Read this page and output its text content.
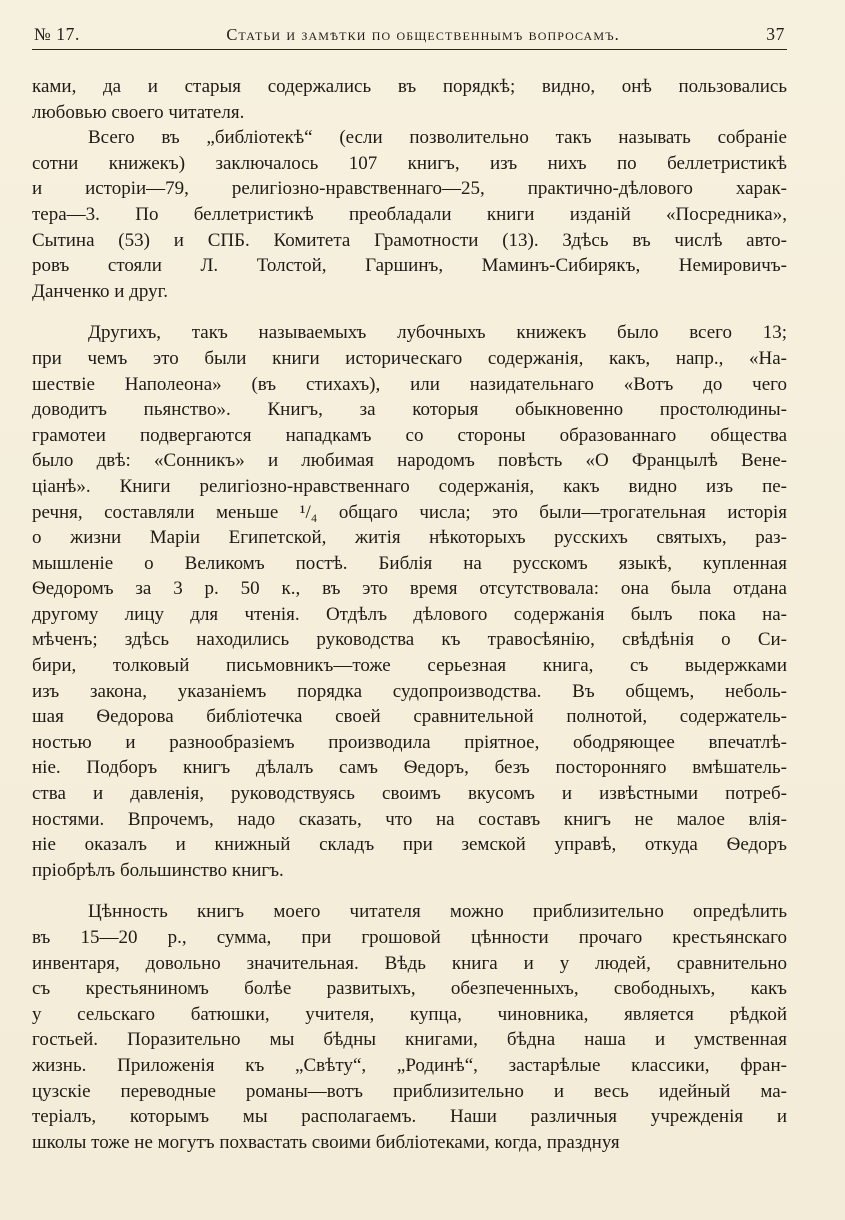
№ 17.	Статьи и замѣтки по общественнымъ вопросамъ.	37
ками, да и старыя содержались въ порядкѣ; видно, онѣ пользовались
любовью своего читателя.
Всего въ „библіотекѣ“ (если позволительно такъ называть собраніе
сотни книжекъ) заключалось 107 книгъ, изъ нихъ по беллетристикѣ
и исторіи—79, религіозно-нравственнаго—25, практично-дѣлового харак-
тера—3. По беллетристикѣ преобладали книги изданій «Посредника»,
Сытина (53) и СПБ. Комитета Грамотности (13). Здѣсь въ числѣ авто-
ровъ стояли Л. Толстой, Гаршинъ, Маминъ-Сибирякъ, Немировичъ-
Данченко и друг.
Другихъ, такъ называемыхъ лубочныхъ книжекъ было всего 13;
при чемъ это были книги историческаго содержанія, какъ, напр., «На-
шествіе Наполеона» (въ стихахъ), или назидательнаго «Вотъ до чего
доводитъ пьянство». Книгъ, за которыя обыкновенно простолюдины-
грамотеи подвергаются нападкамъ со стороны образованнаго общества
было двѣ: «Сонникъ» и любимая народомъ повѣсть «О Францылѣ Вене-
ціанѣ». Книги религіозно-нравственнаго содержанія, какъ видно изъ пе-
речня, составляли меньше ¹/₄ общаго числа; это были—трогательная исторія
о жизни Маріи Египетской, житія нѣкоторыхъ русскихъ святыхъ, раз-
мышленіе о Великомъ постѣ. Библія на русскомъ языкѣ, купленная
Ѳедоромъ за 3 р. 50 к., въ это время отсутствовала: она была отдана
другому лицу для чтенія. Отдѣлъ дѣлового содержанія былъ пока на-
мѣченъ; здѣсь находились руководства къ травосѣянію, свѣдѣнія о Си-
бири, толковый письмовникъ—тоже серьезная книга, съ выдержками
изъ закона, указаніемъ порядка судопроизводства. Въ общемъ, неболь-
шая Ѳедорова библіотечка своей сравнительной полнотой, содержатель-
ностью и разнообразіемъ производила пріятное, ободряющее впечатлѣ-
ніе. Подборъ книгъ дѣлалъ самъ Ѳедоръ, безъ посторонняго вмѣшатель-
ства и давленія, руководствуясь своимъ вкусомъ и извѣстными потреб-
ностями. Впрочемъ, надо сказать, что на составъ книгъ не малое влія-
ніе оказалъ и книжный складъ при земской управѣ, откуда Ѳедоръ
пріобрѣлъ большинство книгъ.
Цѣнность книгъ моего читателя можно приблизительно опредѣлить
въ 15—20 р., сумма, при грошовой цѣнности прочаго крестьянскаго
инвентаря, довольно значительная. Вѣдь книга и у людей, сравнительно
съ крестьяниномъ болѣе развитыхъ, обезпеченныхъ, свободныхъ, какъ
у сельскаго батюшки, учителя, купца, чиновника, является рѣдкой
гостьей. Поразительно мы бѣдны книгами, бѣдна наша и умственная
жизнь. Приложенія къ „Свѣту“, „Родинѣ“, застарѣлые классики, фран-
цузскіе переводные романы—вотъ приблизительно и весь идейный ма-
теріалъ, которымъ мы располагаемъ. Наши различныя учрежденія и
школы тоже не могутъ похвастать своими библіотеками, когда, празднуя
